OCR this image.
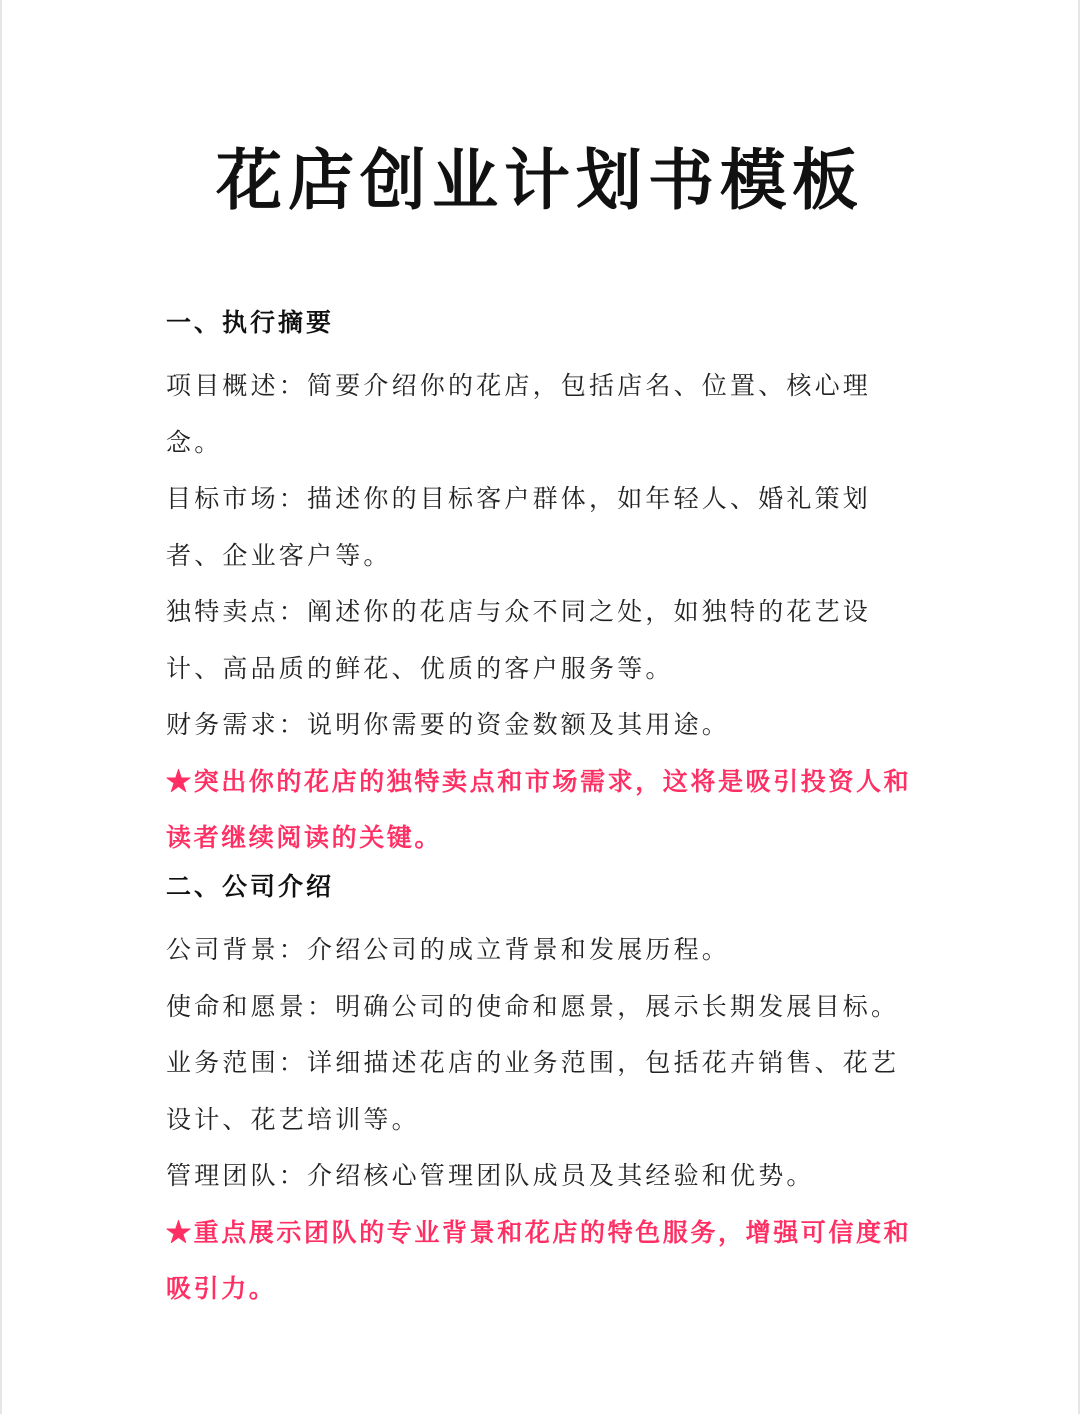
花店创业计划书模板
一、执行摘要

项目概述：简要介绍你的花店，包括店名、位置、核心理念。

目标市场：描述你的目标客户群体，如年轻人、婚礼策划者、企业客户等。

独特卖点：阐述你的花店与众不同之处，如独特的花艺设计、高品质的鲜花、优质的客户服务等。

财务需求：说明你需要的资金数额及其用途。

★突出你的花店的独特卖点和市场需求，这将是吸引投资人和读者继续阅读的关键。

二、公司介绍

公司背景：介绍公司的成立背景和发展历程。

使命和愿景：明确公司的使命和愿景，展示长期发展目标。

业务范围：详细描述花店的业务范围，包括花卉销售、花艺设计、花艺培训等。

管理团队：介绍核心管理团队成员及其经验和优势。

★重点展示团队的专业背景和花店的特色服务，增强可信度和吸引力。
